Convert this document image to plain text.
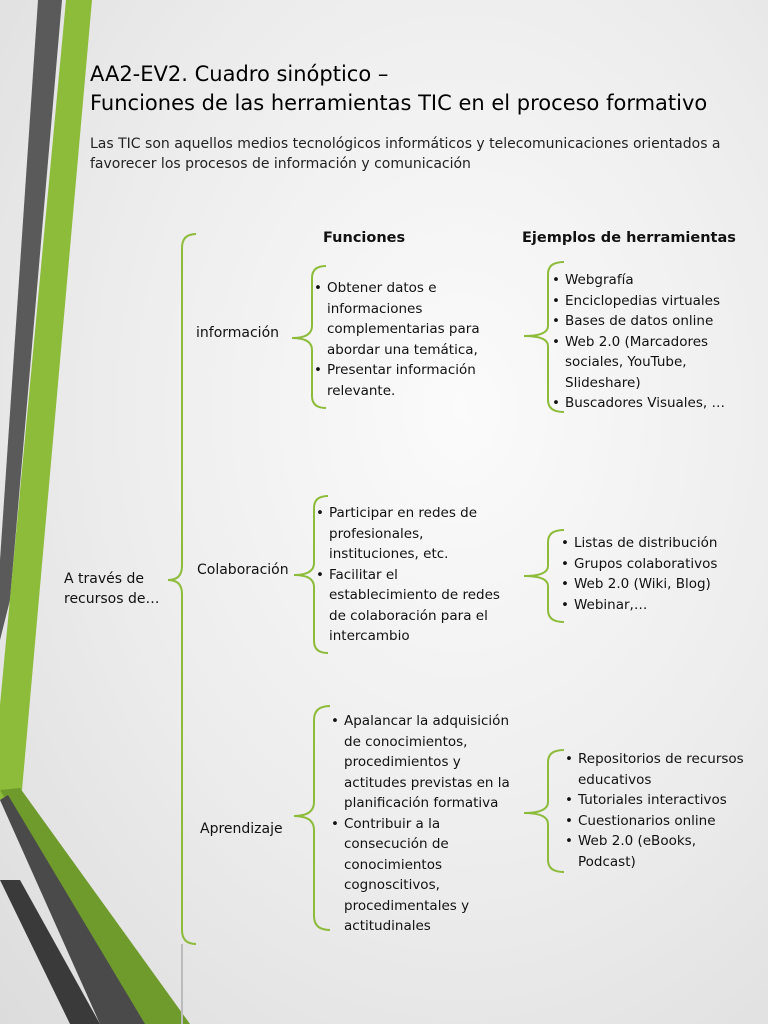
AA2-EV2. Cuadro sinóptico –
Funciones de las herramientas TIC en el proceso formativo
Las TIC son aquellos medios tecnológicos informáticos y telecomunicaciones orientados a favorecer los procesos de información y comunicación
A través de recursos de…
Funciones	Ejemplos de herramientas
información
• Obtener datos e informaciones complementarias para abordar una temática,
• Presentar información relevante.
• Webgrafía
• Enciclopedias virtuales
• Bases de datos online
• Web 2.0 (Marcadores sociales, YouTube, Slideshare)
• Buscadores Visuales, …
Colaboración
• Participar en redes de profesionales, instituciones, etc.
• Facilitar el establecimiento de redes de colaboración para el intercambio
• Listas de distribución
• Grupos colaborativos
• Web 2.0 (Wiki, Blog)
• Webinar,…
Aprendizaje
• Apalancar la adquisición de conocimientos, procedimientos y actitudes previstas en la planificación formativa
• Contribuir a la consecución de conocimientos cognoscitivos, procedimentales y actitudinales
• Repositorios de recursos educativos
• Tutoriales interactivos
• Cuestionarios online
• Web 2.0 (eBooks, Podcast)
